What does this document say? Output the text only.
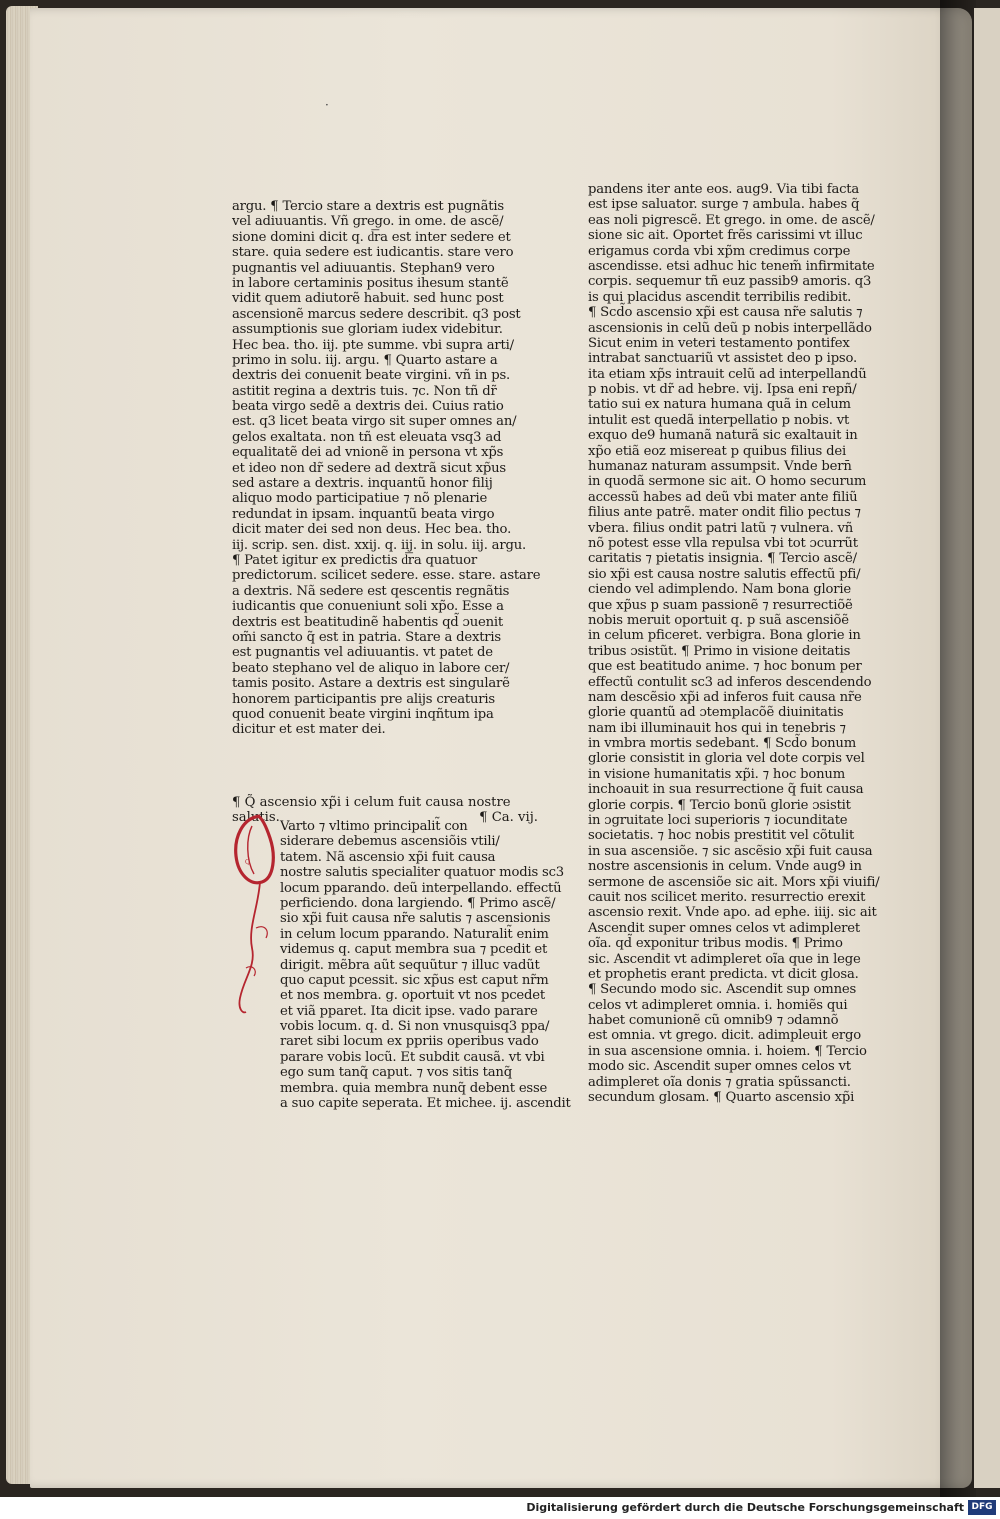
·
argu. ¶ Tercio stare a dextris est pugnãtis
vel adiuuantis. Vñ grego. in ome. de ascẽ/
sione domini dicit q. d͞ra est inter sedere et
stare. quia sedere est iudicantis. stare vero
pugnantis vel adiuuantis. Stephan9 vero
in labore certaminis positus ihesum stantẽ
vidit quem adiutorẽ habuit. sed hunc post
ascensionẽ marcus sedere describit. q3 post
assumptionis sue gloriam iudex videbitur.
Hec bea. tho. iij. pte summe. vbi supra arti/
primo in solu. iij. argu. ¶ Quarto astare a
dextris dei conuenit beate virgini. vñ in ps.
astitit regina a dextris tuis. ⁊c. Non tñ dr̃
beata virgo sedẽ a dextris dei. Cuius ratio
est. q3 licet beata virgo sit super omnes an/
gelos exaltata. non tñ est eleuata vsq3 ad
equalitatẽ dei ad vnionẽ in persona vt xp̃s
et ideo non dr̃ sedere ad dextrã sicut xp̃us
sed astare a dextris. inquantũ honor filij
aliquo modo participatiue ⁊ nõ plenarie
redundat in ipsam. inquantũ beata virgo
dicit mater dei sed non deus. Hec bea. tho.
iij. scrip. sen. dist. xxij. q. iij. in solu. iij. argu.
¶ Patet igitur ex predictis d͞ra quatuor
predictorum. scilicet sedere. esse. stare. astare
a dextris. Nã sedere est qescentis regnãtis
iudicantis que conueniunt soli xp̃o. Esse a
dextris est beatitudinẽ habentis qd̃ ɔuenit
om̃i sancto q̃ est in patria. Stare a dextris
est pugnantis vel adiuuantis. vt patet de
beato stephano vel de aliquo in labore cer/
tamis posito. Astare a dextris est singularẽ
honorem participantis pre alijs creaturis
quod conuenit beate virgini inqñtum ipa
dicitur et est mater dei.
¶ Q̃ ascensio xp̃i i celum fuit causa nostre
salutis.	¶ Ca. vij.
Q
Varto ⁊ vltimo principalit̃ con
siderare debemus ascensiõis vtili/
tatem. Nã ascensio xp̃i fuit causa
nostre salutis specialiter quatuor modis sc3
locum pparando. deũ interpellando. effectũ
perficiendo. dona largiendo. ¶ Primo ascẽ/
sio xp̃i fuit causa nr̃e salutis ⁊ ascensionis
in celum locum pparando. Naturalit̃ enim
videmus q. caput membra sua ⁊ pcedit et
dirigit. mẽbra aũt sequũtur ⁊ illuc vadũt
quo caput pcessit. sic xp̃us est caput nr̃m
et nos membra. g. oportuit vt nos pcedet
et viã pparet. Ita dicit ipse. vado parare
vobis locum. q. d. Si non vnusquisq3 ppa/
raret sibi locum ex ppriis operibus vado
parare vobis locũ. Et subdit causã. vt vbi
ego sum tanq̃ caput. ⁊ vos sitis tanq̃
membra. quia membra nunq̃ debent esse
a suo capite seperata. Et michee. ij. ascendit
pandens iter ante eos. aug9. Via tibi facta
est ipse saluator. surge ⁊ ambula. habes q̃
eas noli pigrescẽ. Et grego. in ome. de ascẽ/
sione sic ait. Oportet frẽs carissimi vt illuc
erigamus corda vbi xp̃m credimus corpe
ascendisse. etsi adhuc hic tenem̃ infirmitate
corpis. sequemur tñ euz passib9 amoris. q3
is qui placidus ascendit terribilis redibit.
¶ Scd̃o ascensio xp̃i est causa nr̃e salutis ⁊
ascensionis in celũ deũ p nobis interpellãdo
Sicut enim in veteri testamento pontifex
intrabat sanctuariũ vt assistet deo p ipso.
ita etiam xp̃s intrauit celũ ad interpellandũ
p nobis. vt dr̃ ad hebre. vij. Ipsa eni repñ/
tatio sui ex natura humana quã in celum
intulit est quedã interpellatio p nobis. vt
exquo de9 humanã naturã sic exaltauit in
xp̃o etiã eoz misereat p quibus filius dei
humanaz naturam assumpsit. Vnde bern̄
in quodã sermone sic ait. O homo securum
accessũ habes ad deũ vbi mater ante filiũ
filius ante patrẽ. mater ondit filio pectus ⁊
vbera. filius ondit patri latũ ⁊ vulnera. vñ
nõ potest esse vlla repulsa vbi tot ɔcurrũt
caritatis ⁊ pietatis insignia. ¶ Tercio ascẽ/
sio xp̃i est causa nostre salutis effectũ pfi/
ciendo vel adimplendo. Nam bona glorie
que xp̃us p suam passionẽ ⁊ resurrectiõẽ
nobis meruit oportuit q. p suã ascensiõẽ
in celum pficeret. verbigra. Bona glorie in
tribus ɔsistũt. ¶ Primo in visione deitatis
que est beatitudo anime. ⁊ hoc bonum per
effectũ contulit sc3 ad inferos descendendo
nam descẽsio xp̃i ad inferos fuit causa nr̃e
glorie quantũ ad ɔtemplacõẽ diuinitatis
nam ibi illuminauit hos qui in tenebris ⁊
in vmbra mortis sedebant. ¶ Scd̃o bonum
glorie consistit in gloria vel dote corpis vel
in visione humanitatis xp̃i. ⁊ hoc bonum
inchoauit in sua resurrectione q̃ fuit causa
glorie corpis. ¶ Tercio bonũ glorie ɔsistit
in ɔgruitate loci superioris ⁊ iocunditate
societatis. ⁊ hoc nobis prestitit vel cõtulit
in sua ascensiõe. ⁊ sic ascẽsio xp̃i fuit causa
nostre ascensionis in celum. Vnde aug9 in
sermone de ascensiõe sic ait. Mors xp̃i viuifi/
cauit nos scilicet merito. resurrectio erexit
ascensio rexit. Vnde apo. ad ephe. iiij. sic ait
Ascendit super omnes celos vt adimpleret
oĩa. qd̃ exponitur tribus modis. ¶ Primo
sic. Ascendit vt adimpleret oĩa que in lege
et prophetis erant predicta. vt dicit glosa.
¶ Secundo modo sic. Ascendit sup omnes
celos vt adimpleret omnia. i. homiẽs qui
habet comunionẽ cũ omnib9 ⁊ ɔdamnõ
est omnia. vt grego. dicit. adimpleuit ergo
in sua ascensione omnia. i. hoiem. ¶ Tercio
modo sic. Ascendit super omnes celos vt
adimpleret oĩa donis ⁊ gratia spũssancti.
secundum glosam. ¶ Quarto ascensio xp̃i
Digitalisierung gefördert durch die Deutsche Forschungsgemeinschaft DFG
